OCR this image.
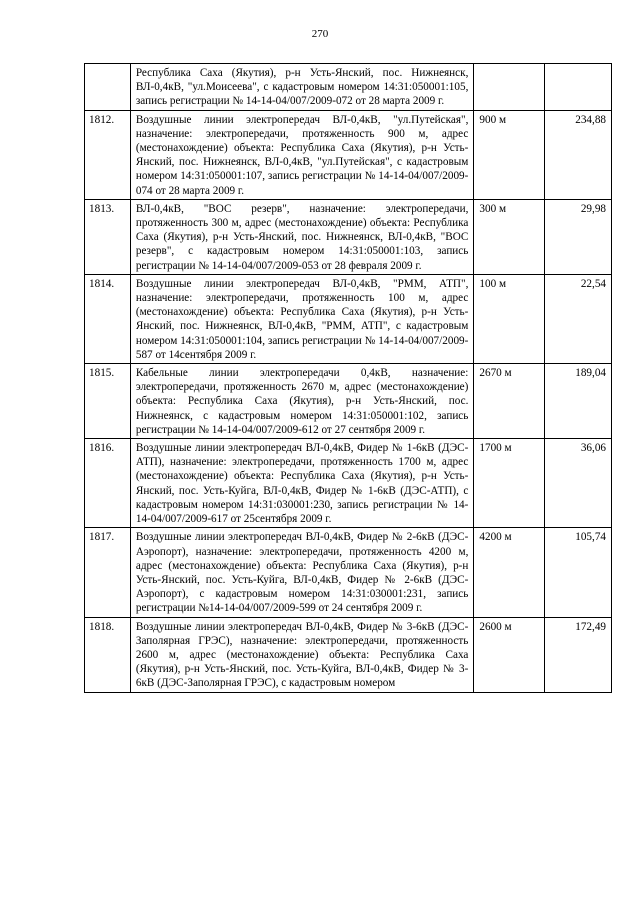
270
	Республика Саха (Якутия), р-н Усть-Янский, пос. Нижнеянск, ВЛ-0,4кВ, "ул.Моисеева", с кадастровым номером 14:31:050001:105, запись регистрации № 14-14-04/007/2009-072 от 28 марта 2009 г.		
1812.	Воздушные линии электропередач ВЛ-0,4кВ, "ул.Путейская", назначение: электропередачи, протяженность 900 м, адрес (местонахождение) объекта: Республика Саха (Якутия), р-н Усть-Янский, пос. Нижнеянск, ВЛ-0,4кВ, "ул.Путейская", с кадастровым номером 14:31:050001:107, запись регистрации № 14-14-04/007/2009-074 от 28 марта 2009 г.	900 м	234,88
1813.	ВЛ-0,4кВ, "ВОС резерв", назначение: электропередачи, протяженность 300 м, адрес (местонахождение) объекта: Республика Саха (Якутия), р-н Усть-Янский, пос. Нижнеянск, ВЛ-0,4кВ, "ВОС резерв", с кадастровым номером 14:31:050001:103, запись регистрации № 14-14-04/007/2009-053 от 28 февраля 2009 г.	300 м	29,98
1814.	Воздушные линии электропередач ВЛ-0,4кВ, "РММ, АТП", назначение: электропередачи, протяженность 100 м, адрес (местонахождение) объекта: Республика Саха (Якутия), р-н Усть-Янский, пос. Нижнеянск, ВЛ-0,4кВ, "РММ, АТП", с кадастровым номером 14:31:050001:104, запись регистрации № 14-14-04/007/2009-587 от 14сентября 2009 г.	100 м	22,54
1815.	Кабельные линии электропередачи 0,4кВ, назначение: электропередачи, протяженность 2670 м, адрес (местонахождение) объекта: Республика Саха (Якутия), р-н Усть-Янский, пос. Нижнеянск, с кадастровым номером 14:31:050001:102, запись регистрации № 14-14-04/007/2009-612 от 27 сентября 2009 г.	2670 м	189,04
1816.	Воздушные линии электропередач ВЛ-0,4кВ, Фидер № 1-6кВ (ДЭС-АТП), назначение: электропередачи, протяженность 1700 м, адрес (местонахождение) объекта: Республика Саха (Якутия), р-н Усть-Янский, пос. Усть-Куйга, ВЛ-0,4кВ, Фидер № 1-6кВ (ДЭС-АТП), с кадастровым номером 14:31:030001:230, запись регистрации № 14-14-04/007/2009-617 от 25сентября 2009 г.	1700 м	36,06
1817.	Воздушные линии электропередач ВЛ-0,4кВ, Фидер № 2-6кВ (ДЭС-Аэропорт), назначение: электропередачи, протяженность 4200 м, адрес (местонахождение) объекта: Республика Саха (Якутия), р-н Усть-Янский, пос. Усть-Куйга, ВЛ-0,4кВ, Фидер № 2-6кВ (ДЭС-Аэропорт), с кадастровым номером 14:31:030001:231, запись регистрации №14-14-04/007/2009-599 от 24 сентября 2009 г.	4200 м	105,74
1818.	Воздушные линии электропередач ВЛ-0,4кВ, Фидер № 3-6кВ (ДЭС-Заполярная ГРЭС), назначение: электропередачи, протяженность 2600 м, адрес (местонахождение) объекта: Республика Саха (Якутия), р-н Усть-Янский, пос. Усть-Куйга, ВЛ-0,4кВ, Фидер № 3-6кВ (ДЭС-Заполярная ГРЭС), с кадастровым номером	2600 м	172,49
